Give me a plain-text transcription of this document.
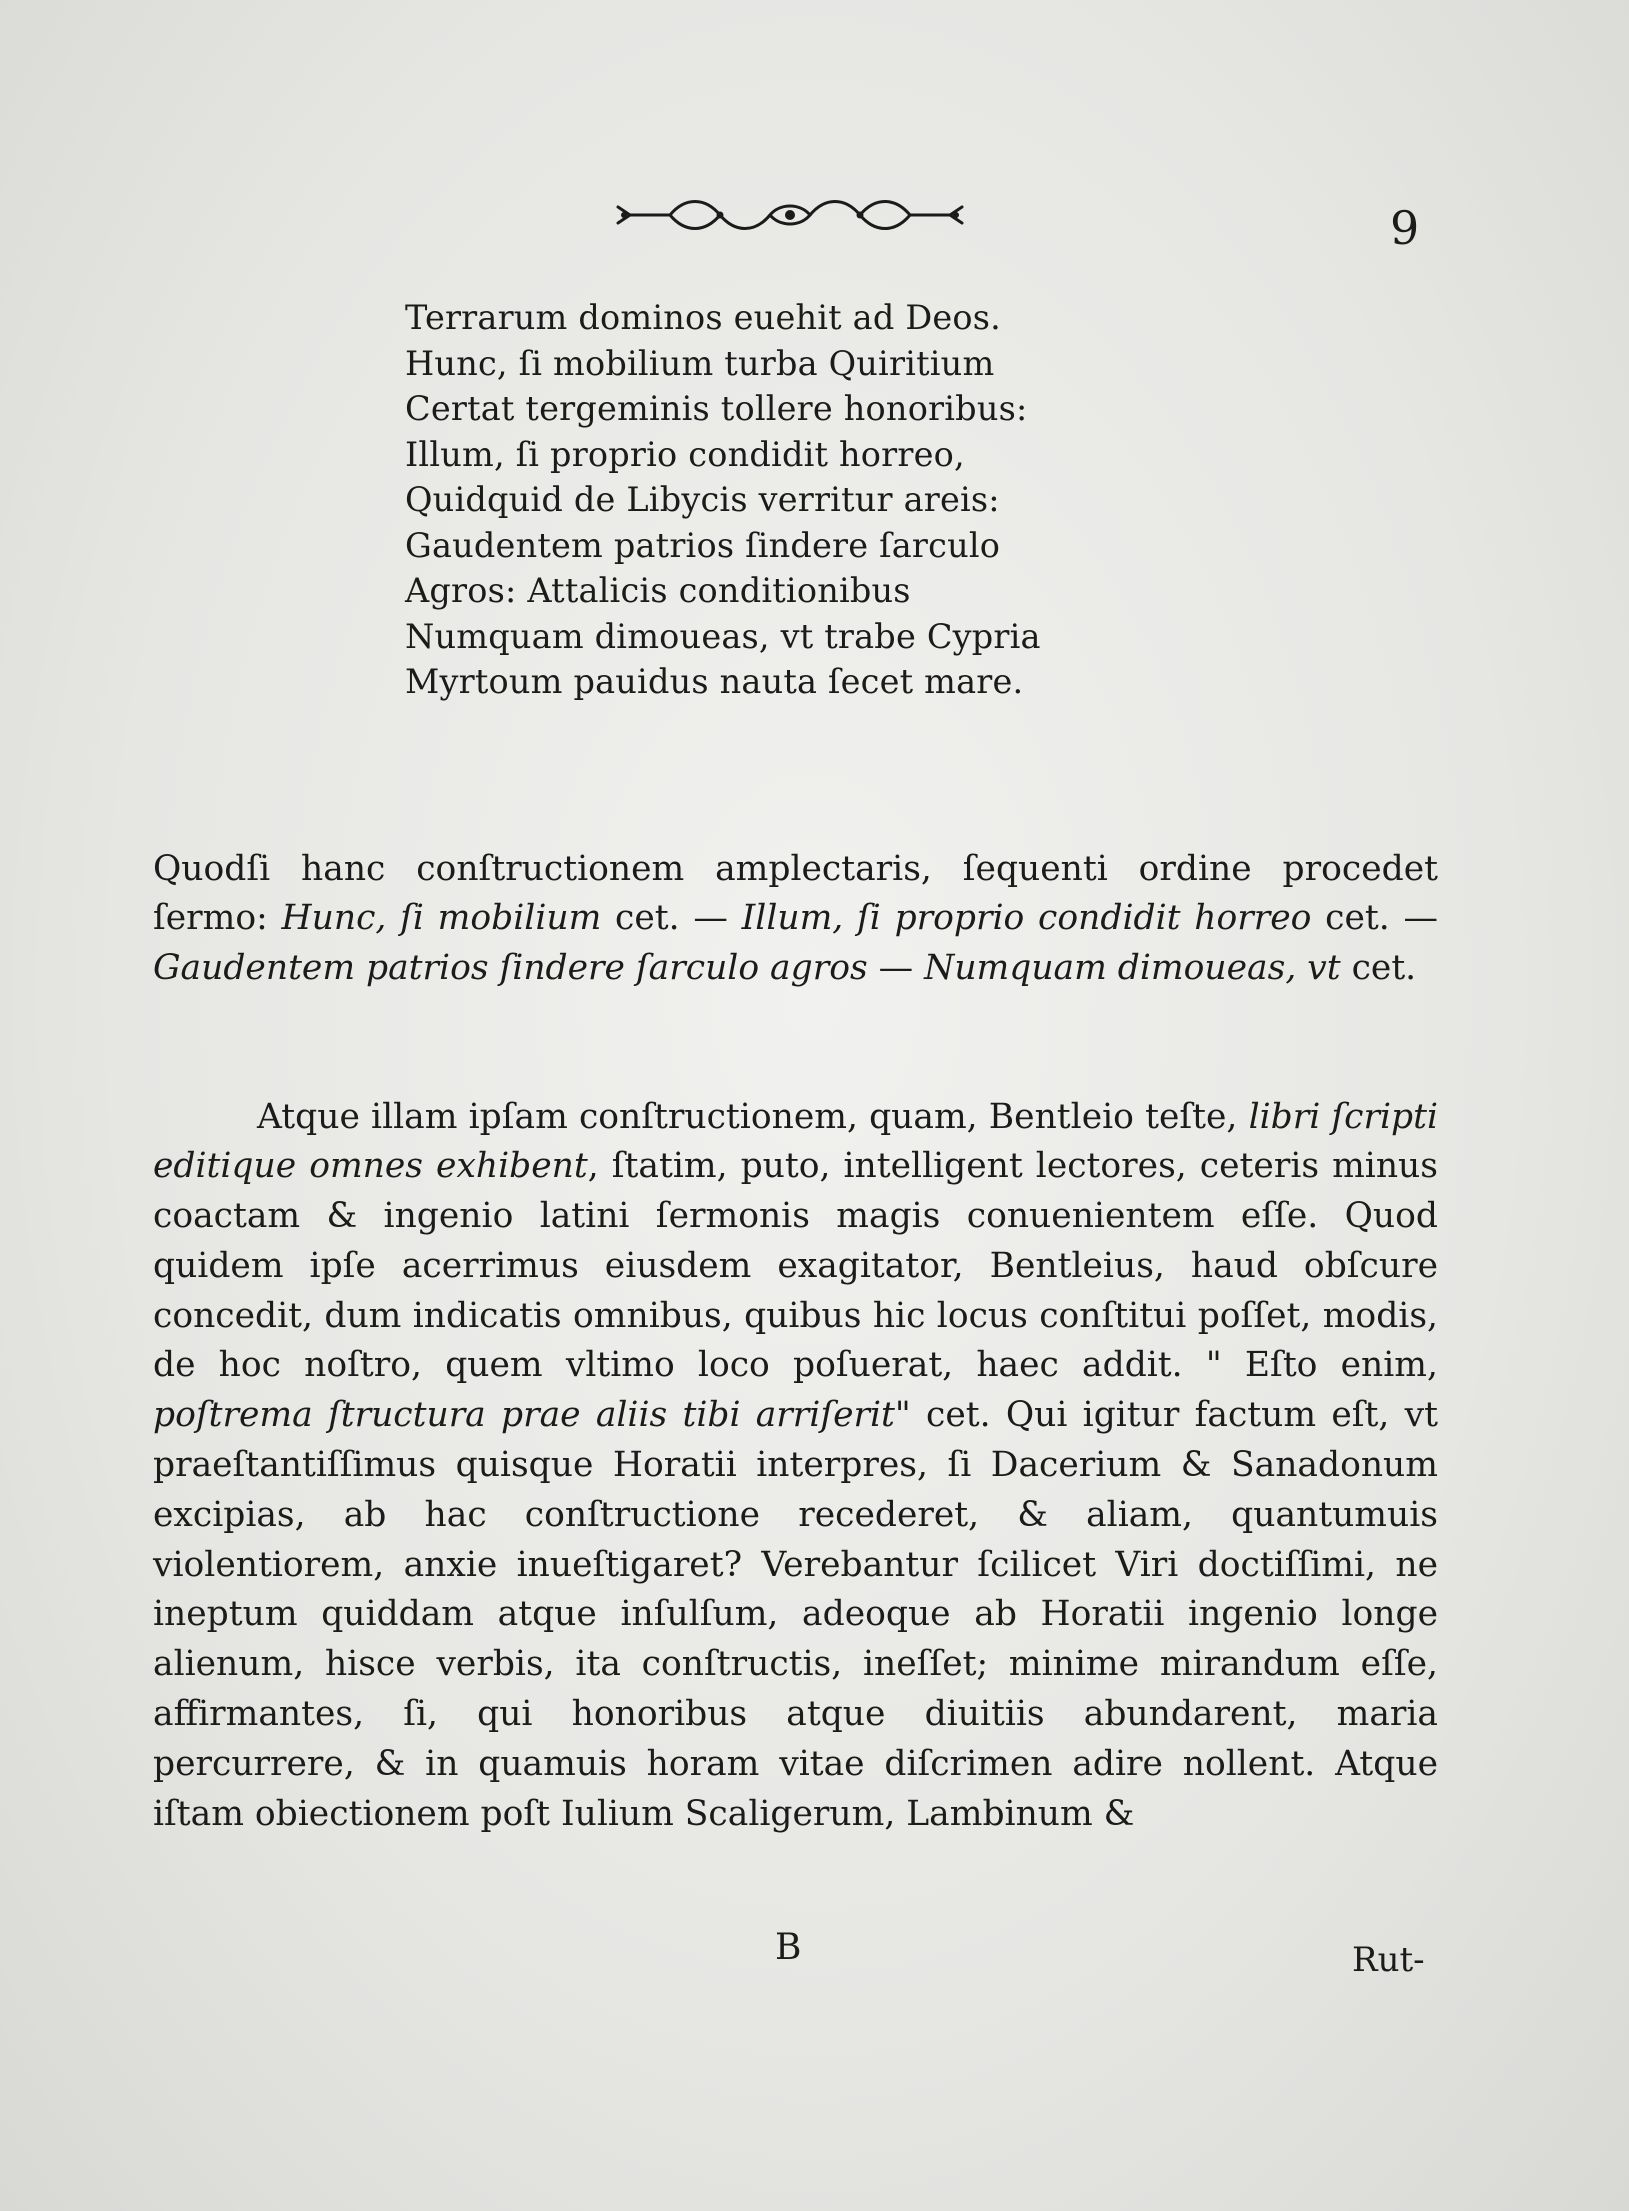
9
Terrarum dominos euehit ad Deos.
Hunc, ſi mobilium turba Quiritium
Certat tergeminis tollere honoribus:
Illum, ſi proprio condidit horreo,
Quidquid de Libycis verritur areis:
Gaudentem patrios ſindere ſarculo
Agros: Attalicis conditionibus
Numquam dimoueas, vt trabe Cypria
Myrtoum pauidus nauta ſecet mare.

Quodſi hanc conſtructionem amplectaris, ſequenti ordine procedet ſermo: Hunc, ſi mobilium cet. — Illum, ſi proprio condidit horreo cet. — Gaudentem patrios ſindere ſarculo agros — Numquam dimoueas, vt cet.

Atque illam ipſam conſtructionem, quam, Bentleio teſte, libri ſcripti editique omnes exhibent, ſtatim, puto, intelligent lectores, ceteris minus coactam & ingenio latini ſermonis magis conuenientem eſſe. Quod quidem ipſe acerrimus eiusdem exagitator, Bentleius, haud obſcure concedit, dum indicatis omnibus, quibus hic locus conſtitui poſſet, modis, de hoc noſtro, quem vltimo loco poſuerat, haec addit. " Eſto enim, poſtrema ſtructura prae aliis tibi arriſerit" cet. Qui igitur factum eſt, vt praeſtantiſſimus quisque Horatii interpres, ſi Dacerium & Sanadonum excipias, ab hac conſtructione recederet, & aliam, quantumuis violentiorem, anxie inueſtigaret? Verebantur ſcilicet Viri doctiſſimi, ne ineptum quiddam atque inſulſum, adeoque ab Horatii ingenio longe alienum, hisce verbis, ita conſtructis, ineſſet; minime mirandum eſſe, affirmantes, ſi, qui honoribus atque diuitiis abundarent, maria percurrere, & in quamuis horam vitae diſcrimen adire nollent. Atque iſtam obiectionem poſt Iulium Scaligerum, Lambinum &

B	Rut-
